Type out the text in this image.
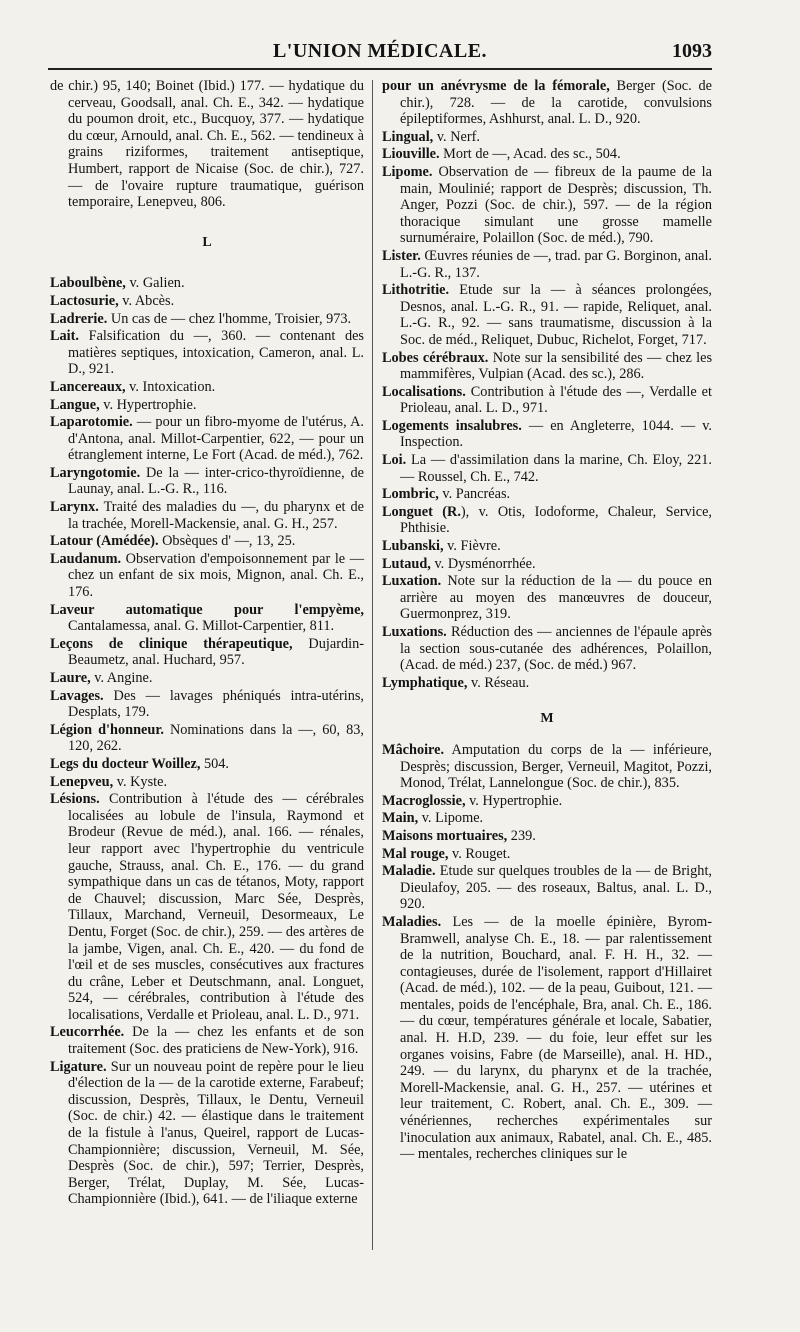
L'UNION MÉDICALE.	1093
de chir.) 95, 140; Boinet (Ibid.) 177. — hydatique du cerveau, Goodsall, anal. Ch. E., 342. — hydatique du poumon droit, etc., Bucquoy, 377. — hydatique du cœur, Arnould, anal. Ch. E., 562. — tendineux à grains riziformes, traitement antiseptique, Humbert, rapport de Nicaise (Soc. de chir.), 727. — de l'ovaire rupture traumatique, guérison temporaire, Lenepveu, 806.
L
Laboulbène, v. Galien.
Lactosurie, v. Abcès.
Ladrerie. Un cas de — chez l'homme, Troisier, 973.
Lait. Falsification du —, 360. — contenant des matières septiques, intoxication, Cameron, anal. L. D., 921.
Lancereaux, v. Intoxication.
Langue, v. Hypertrophie.
Laparotomie. — pour un fibro-myome de l'utérus, A. d'Antona, anal. Millot-Carpentier, 622, — pour un étranglement interne, Le Fort (Acad. de méd.), 762.
Laryngotomie. De la — inter-crico-thyroïdienne, de Launay, anal. L.-G. R., 116.
Larynx. Traité des maladies du —, du pharynx et de la trachée, Morell-Mackensie, anal. G. H., 257.
Latour (Amédée). Obsèques d' —, 13, 25.
Laudanum. Observation d'empoisonnement par le — chez un enfant de six mois, Mignon, anal. Ch. E., 176.
Laveur automatique pour l'empyème, Cantalamessa, anal. G. Millot-Carpentier, 811.
Leçons de clinique thérapeutique, Dujardin-Beaumetz, anal. Huchard, 957.
Laure, v. Angine.
Lavages. Des — lavages phéniqués intra-utérins, Desplats, 179.
Légion d'honneur. Nominations dans la —, 60, 83, 120, 262.
Legs du docteur Woillez, 504.
Lenepveu, v. Kyste.
Lésions. Contribution à l'étude des — cérébrales localisées au lobule de l'insula, Raymond et Brodeur (Revue de méd.), anal. 166. — rénales, leur rapport avec l'hypertrophie du ventricule gauche, Strauss, anal. Ch. E., 176. — du grand sympathique dans un cas de tétanos, Moty, rapport de Chauvel; discussion, Marc Sée, Desprès, Tillaux, Marchand, Verneuil, Desormeaux, Le Dentu, Forget (Soc. de chir.), 259. — des artères de la jambe, Vigen, anal. Ch. E., 420. — du fond de l'œil et de ses muscles, consécutives aux fractures du crâne, Leber et Deutschmann, anal. Longuet, 524, — cérébrales, contribution à l'étude des localisations, Verdalle et Prioleau, anal. L. D., 971.
Leucorrhée. De la — chez les enfants et de son traitement (Soc. des praticiens de New-York), 916.
Ligature. Sur un nouveau point de repère pour le lieu d'élection de la — de la carotide externe, Farabeuf; discussion, Desprès, Tillaux, le Dentu, Verneuil (Soc. de chir.) 42. — élastique dans le traitement de la fistule à l'anus, Queirel, rapport de Lucas-Championnière; discussion, Verneuil, M. Sée, Desprès (Soc. de chir.), 597; Terrier, Desprès, Berger, Trélat, Duplay, M. Sée, Lucas-Championnière (Ibid.), 641. — de l'iliaque externe
pour un anévrysme de la fémorale, Berger (Soc. de chir.), 728. — de la carotide, convulsions épileptiformes, Ashhurst, anal. L. D., 920.
Lingual, v. Nerf.
Liouville. Mort de —, Acad. des sc., 504.
Lipome. Observation de — fibreux de la paume de la main, Moulinié; rapport de Desprès; discussion, Th. Anger, Pozzi (Soc. de chir.), 597. — de la région thoracique simulant une grosse mamelle surnuméraire, Polaillon (Soc. de méd.), 790.
Lister. Œuvres réunies de —, trad. par G. Borginon, anal. L.-G. R., 137.
Lithotritie. Etude sur la — à séances prolongées, Desnos, anal. L.-G. R., 91. — rapide, Reliquet, anal. L.-G. R., 92. — sans traumatisme, discussion à la Soc. de méd., Reliquet, Dubuc, Richelot, Forget, 717.
Lobes cérébraux. Note sur la sensibilité des — chez les mammifères, Vulpian (Acad. des sc.), 286.
Localisations. Contribution à l'étude des —, Verdalle et Prioleau, anal. L. D., 971.
Logements insalubres. — en Angleterre, 1044. — v. Inspection.
Loi. La — d'assimilation dans la marine, Ch. Eloy, 221. — Roussel, Ch. E., 742.
Lombric, v. Pancréas.
Longuet (R.), v. Otis, Iodoforme, Chaleur, Service, Phthisie.
Lubanski, v. Fièvre.
Lutaud, v. Dysménorrhée.
Luxation. Note sur la réduction de la — du pouce en arrière au moyen des manœuvres de douceur, Guermonprez, 319.
Luxations. Réduction des — anciennes de l'épaule après la section sous-cutanée des adhérences, Polaillon, (Acad. de méd.) 237, (Soc. de méd.) 967.
Lymphatique, v. Réseau.
M
Mâchoire. Amputation du corps de la — inférieure, Desprès; discussion, Berger, Verneuil, Magitot, Pozzi, Monod, Trélat, Lannelongue (Soc. de chir.), 835.
Macroglossie, v. Hypertrophie.
Main, v. Lipome.
Maisons mortuaires, 239.
Mal rouge, v. Rouget.
Maladie. Etude sur quelques troubles de la — de Bright, Dieulafoy, 205. — des roseaux, Baltus, anal. L. D., 920.
Maladies. Les — de la moelle épinière, Byrom-Bramwell, analyse Ch. E., 18. — par ralentissement de la nutrition, Bouchard, anal. F. H. H., 32. — contagieuses, durée de l'isolement, rapport d'Hillairet (Acad. de méd.), 102. — de la peau, Guibout, 121. — mentales, poids de l'encéphale, Bra, anal. Ch. E., 186. — du cœur, températures générale et locale, Sabatier, anal. H. H.D, 239. — du foie, leur effet sur les organes voisins, Fabre (de Marseille), anal. H. HD., 249. — du larynx, du pharynx et de la trachée, Morell-Mackensie, anal. G. H., 257. — utérines et leur traitement, C. Robert, anal. Ch. E., 309. — vénériennes, recherches expérimentales sur l'inoculation aux animaux, Rabatel, anal. Ch. E., 485. — mentales, recherches cliniques sur le
